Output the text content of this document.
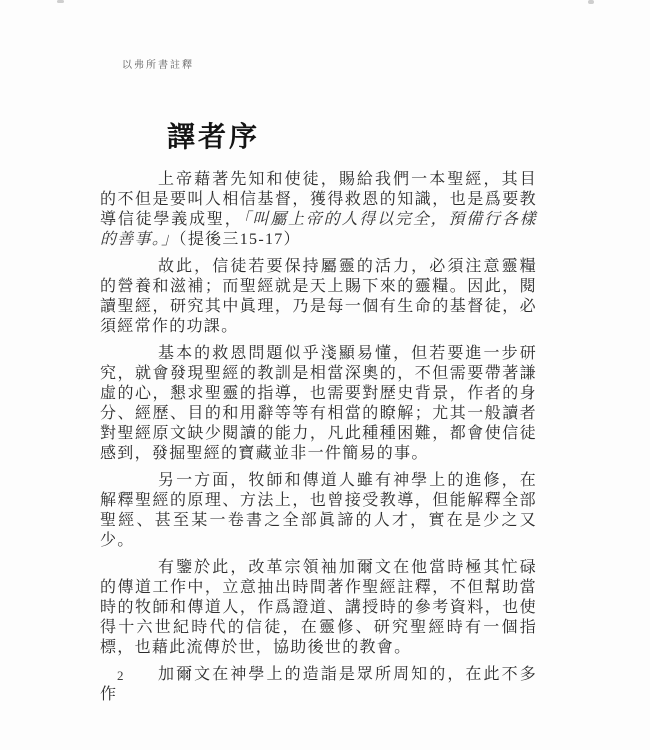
以弗所書註釋
譯者序

上帝藉著先知和使徒，賜給我們一本聖經，其目的不但是要叫人相信基督，獲得救恩的知識，也是爲要教導信徒學義成聖，「叫屬上帝的人得以完全，預備行各樣的善事。」（提後三15-17）

故此，信徒若要保持屬靈的活力，必須注意靈糧的營養和滋補；而聖經就是天上賜下來的靈糧。因此，閱讀聖經，研究其中眞理，乃是每一個有生命的基督徒，必須經常作的功課。

基本的救恩問題似乎淺顯易懂，但若要進一步研究，就會發現聖經的教訓是相當深奧的，不但需要帶著謙虛的心，懇求聖靈的指導，也需要對歷史背景，作者的身分、經歷、目的和用辭等等有相當的瞭解；尤其一般讀者對聖經原文缺少閱讀的能力，凡此種種困難，都會使信徒感到，發掘聖經的寶藏並非一件簡易的事。

另一方面，牧師和傳道人雖有神學上的進修，在解釋聖經的原理、方法上，也曾接受教導，但能解釋全部聖經、甚至某一卷書之全部眞諦的人才，實在是少之又少。

有鑒於此，改革宗領袖加爾文在他當時極其忙碌的傳道工作中，立意抽出時間著作聖經註釋，不但幫助當時的牧師和傳道人，作爲證道、講授時的參考資料，也使得十六世紀時代的信徒，在靈修、研究聖經時有一個指標，也藉此流傳於世，協助後世的教會。

加爾文在神學上的造詣是眾所周知的，在此不多作

2
